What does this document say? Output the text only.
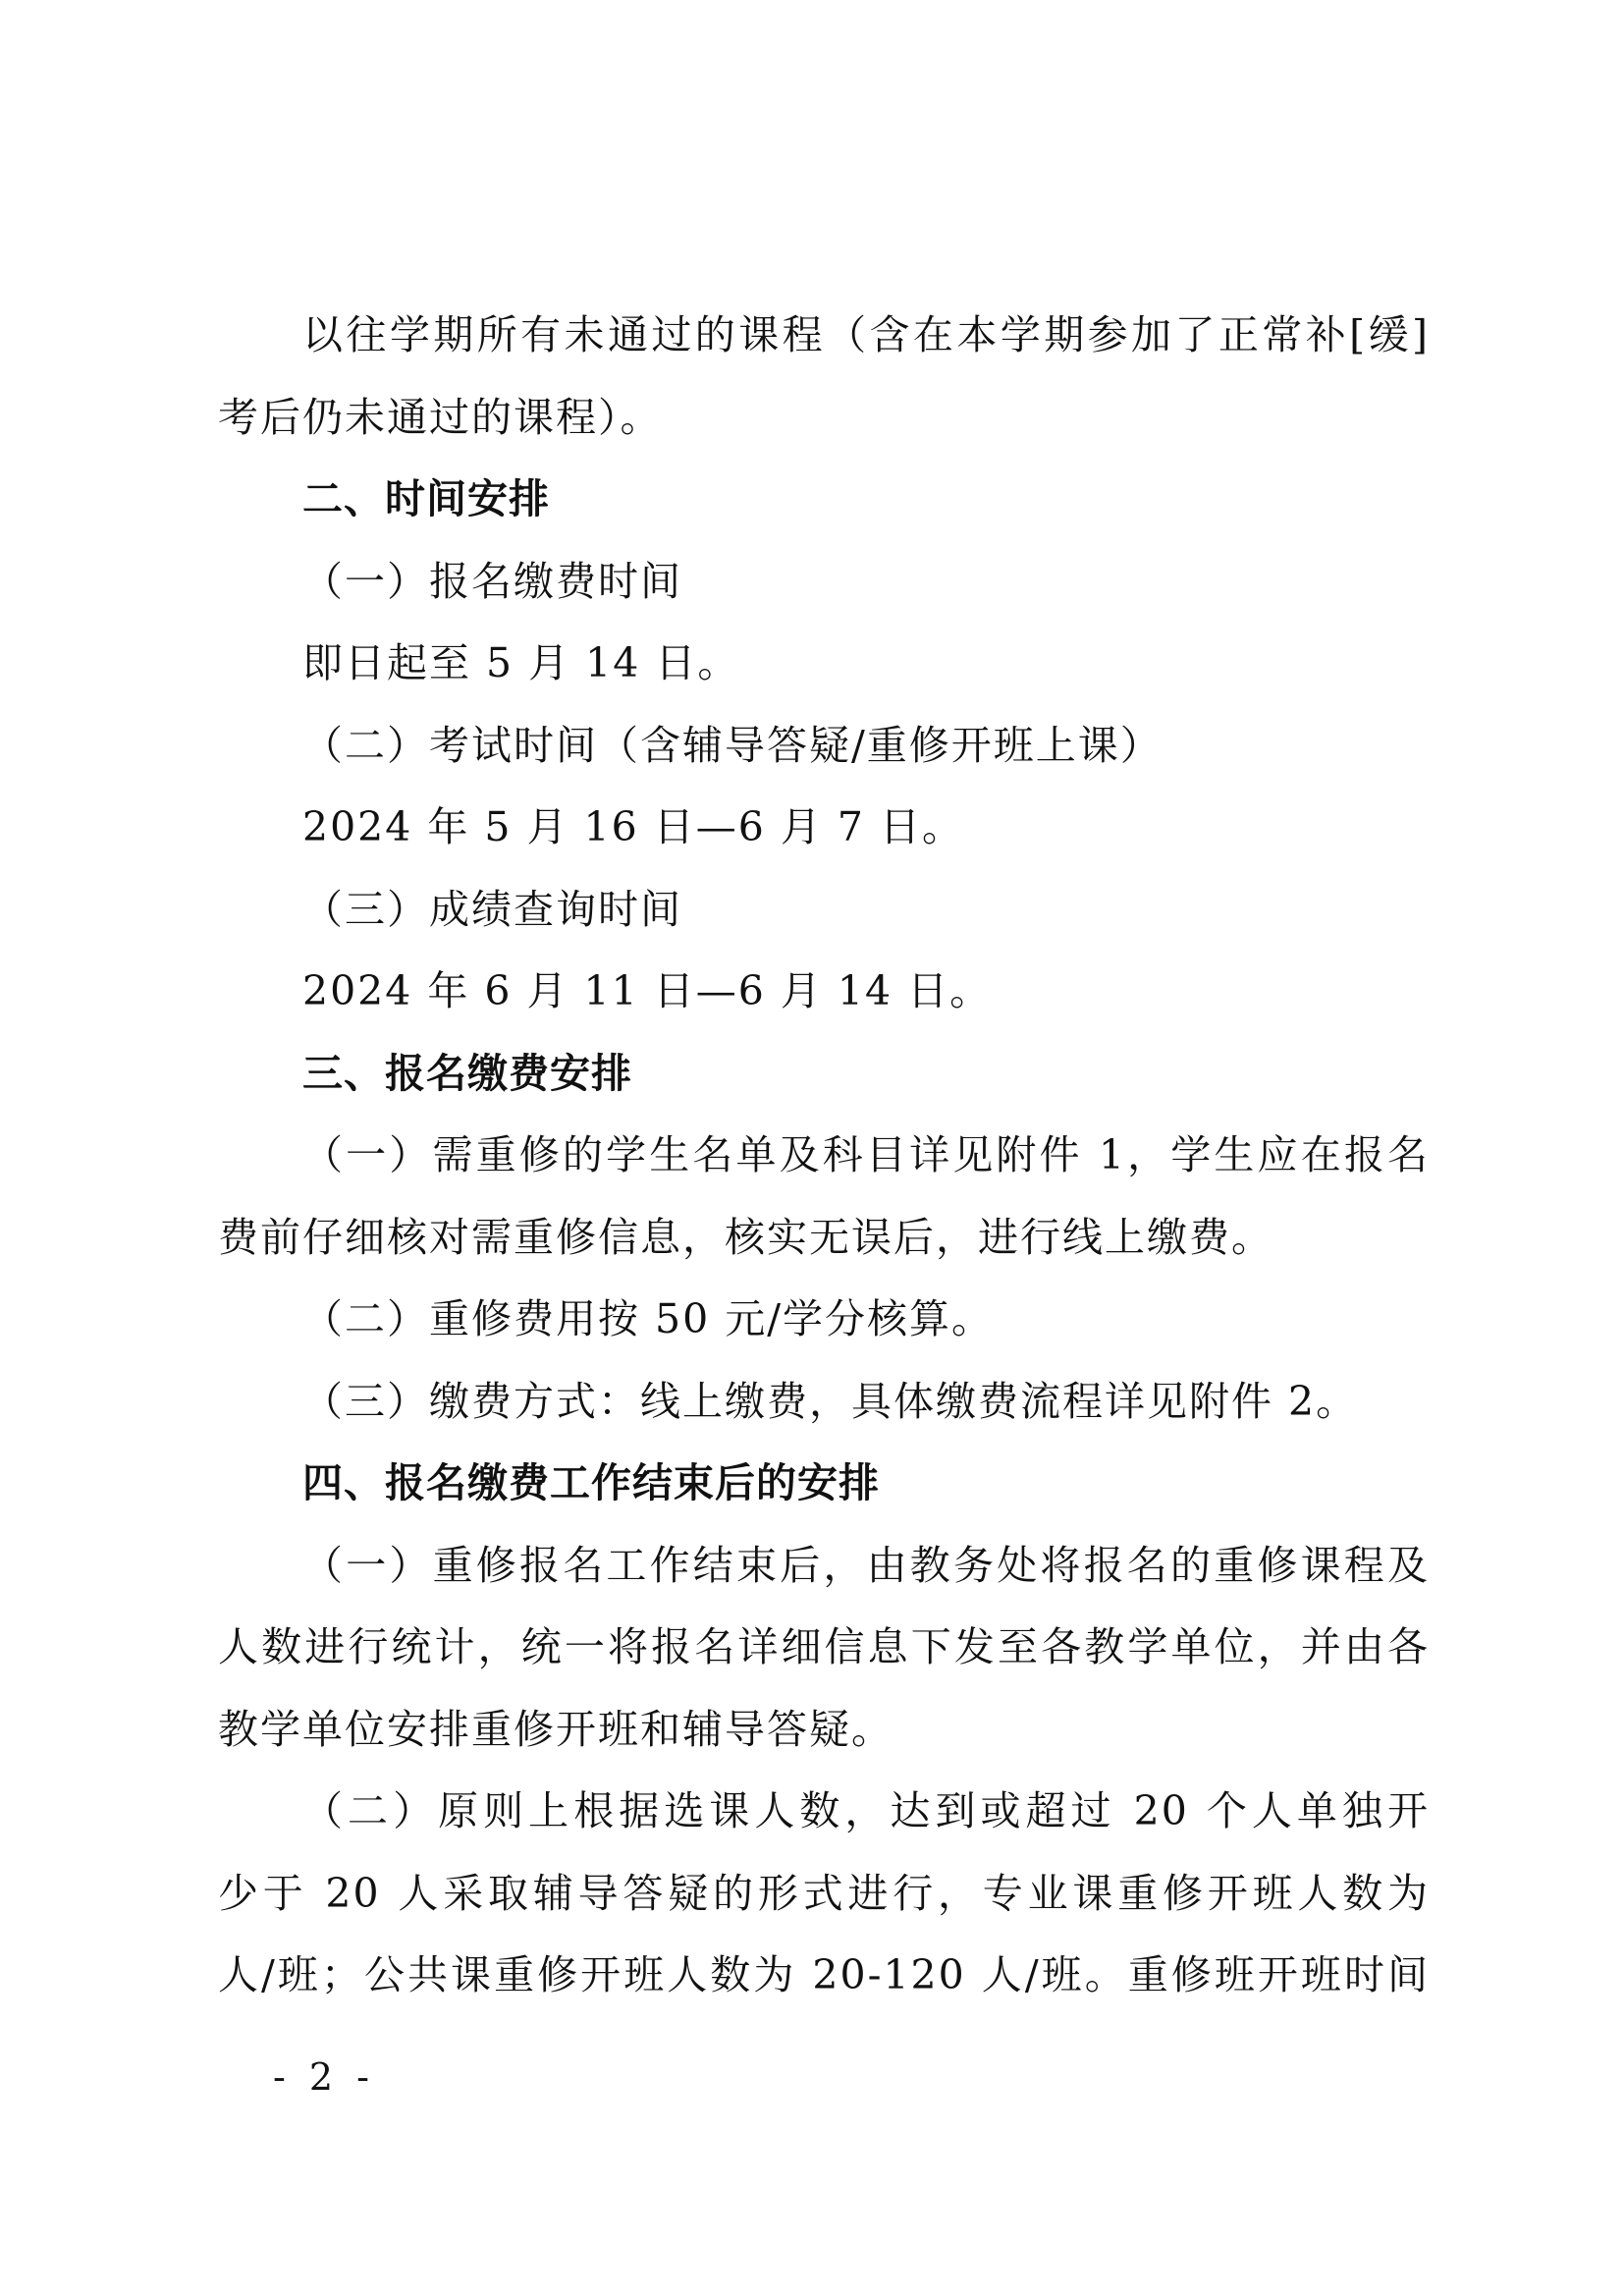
以往学期所有未通过的课程（含在本学期参加了正常补[缓]
考后仍未通过的课程）。
二、时间安排
（一）报名缴费时间
即日起至 5 月 14 日。
（二）考试时间（含辅导答疑/重修开班上课）
2024 年 5 月 16 日—6 月 7 日。
（三）成绩查询时间
2024 年 6 月 11 日—6 月 14 日。
三、报名缴费安排
（一）需重修的学生名单及科目详见附件 1，学生应在报名
费前仔细核对需重修信息，核实无误后，进行线上缴费。
（二）重修费用按 50 元/学分核算。
（三）缴费方式：线上缴费，具体缴费流程详见附件 2。
四、报名缴费工作结束后的安排
（一）重修报名工作结束后，由教务处将报名的重修课程及
人数进行统计，统一将报名详细信息下发至各教学单位，并由各
教学单位安排重修开班和辅导答疑。
（二）原则上根据选课人数，达到或超过 20 个人单独开
少于 20 人采取辅导答疑的形式进行，专业课重修开班人数为
人/班；公共课重修开班人数为 20-120 人/班。重修班开班时间
- 2 -
